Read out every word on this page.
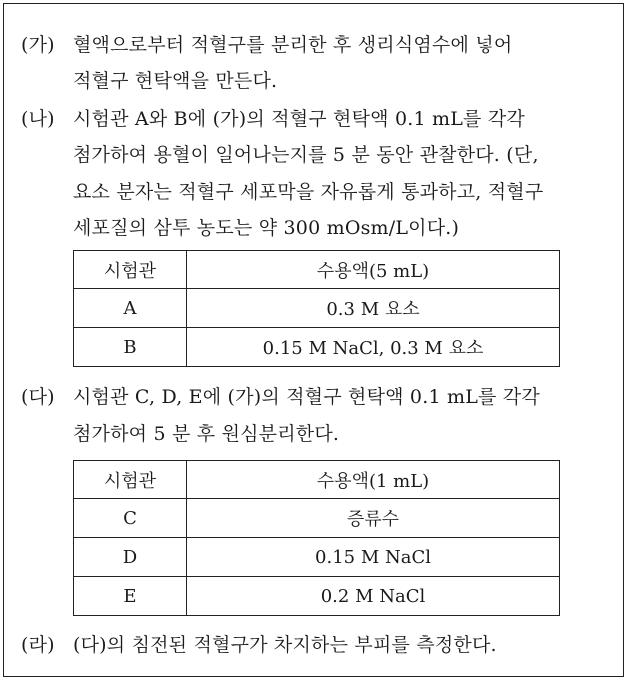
(가) 혈액으로부터 적혈구를 분리한 후 생리식염수에 넣어
적혈구 현탁액을 만든다.
(나) 시험관 A와 B에 (가)의 적혈구 현탁액 0.1 mL를 각각
첨가하여 용혈이 일어나는지를 5 분 동안 관찰한다. (단,
요소 분자는 적혈구 세포막을 자유롭게 통과하고, 적혈구
세포질의 삼투 농도는 약 300 mOsm/L이다.)
시험관	수용액(5 mL)
A	0.3 M 요소
B	0.15 M NaCl, 0.3 M 요소
(다) 시험관 C, D, E에 (가)의 적혈구 현탁액 0.1 mL를 각각
첨가하여 5 분 후 원심분리한다.
시험관	수용액(1 mL)
C	증류수
D	0.15 M NaCl
E	0.2 M NaCl
(라) (다)의 침전된 적혈구가 차지하는 부피를 측정한다.
